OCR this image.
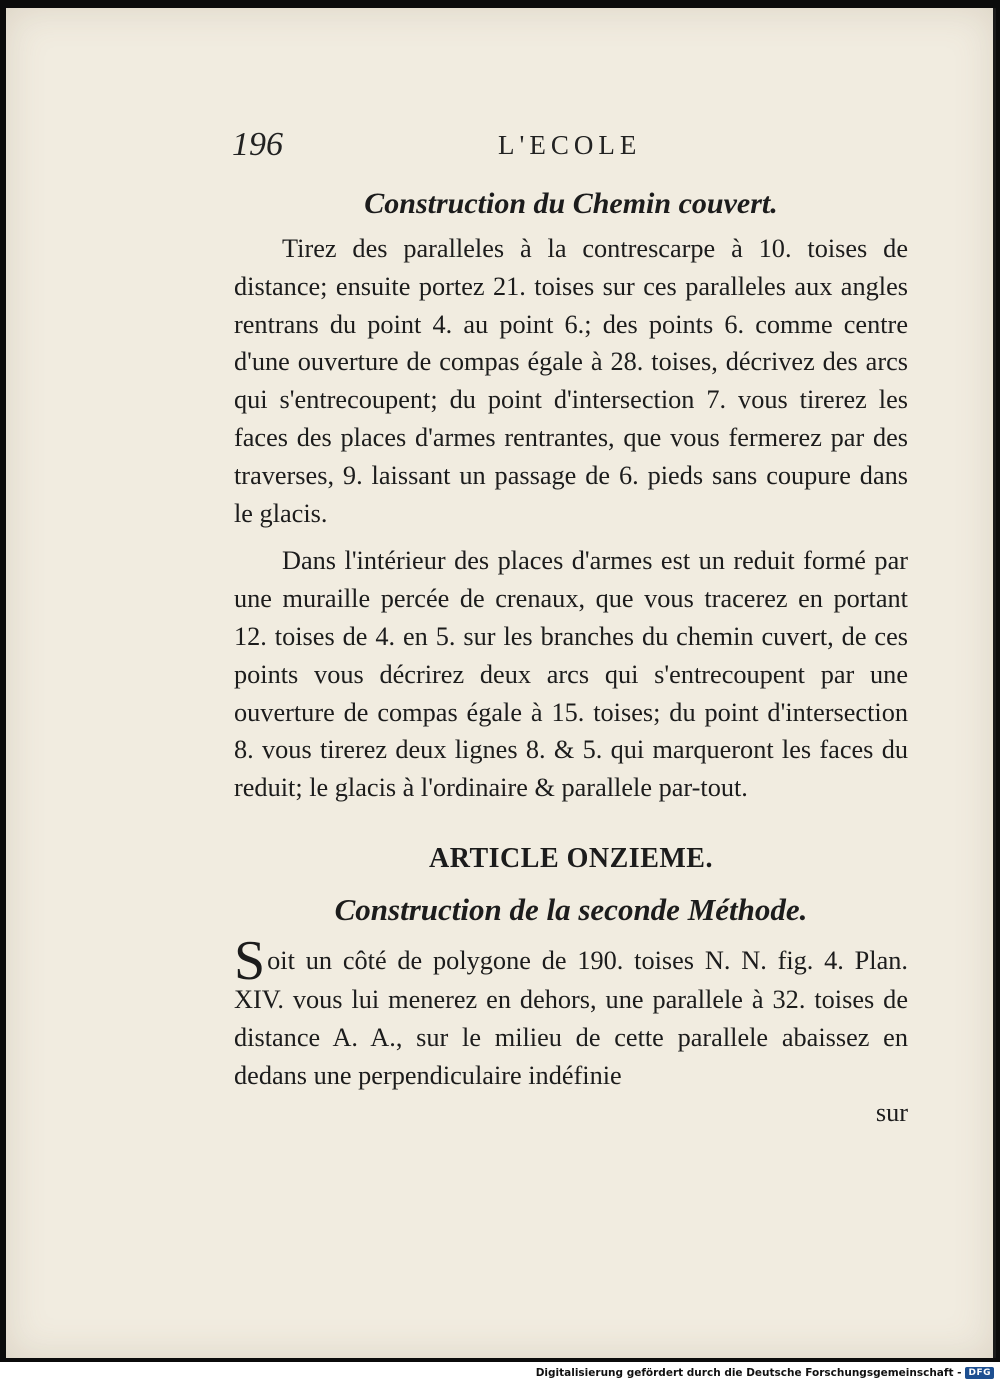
196	L'ECOLE
Construction du Chemin couvert.

Tirez des paralleles à la contrescarpe à 10. toises de distance; ensuite portez 21. toises sur ces paralleles aux angles rentrans du point 4. au point 6.; des points 6. comme centre d'une ouverture de compas égale à 28. toises, décrivez des arcs qui s'entrecoupent; du point d'intersection 7. vous tirerez les faces des places d'armes rentrantes, que vous fermerez par des traverses, 9. laissant un passage de 6. pieds sans coupure dans le glacis.

Dans l'intérieur des places d'armes est un reduit formé par une muraille percée de crenaux, que vous tracerez en portant 12. toises de 4. en 5. sur les branches du chemin cuvert, de ces points vous décrirez deux arcs qui s'entrecoupent par une ouverture de compas égale à 15. toises; du point d'intersection 8. vous tirerez deux lignes 8. & 5. qui marqueront les faces du reduit; le glacis à l'ordinaire & parallele par-tout.

ARTICLE ONZIEME.
Construction de la seconde Méthode.

Soit un côté de polygone de 190. toises N. N. fig. 4. Plan. XIV. vous lui menerez en dehors, une parallele à 32. toises de distance A. A., sur le milieu de cette parallele abaissez en dedans une perpendiculaire indéfinie

sur

Digitalisierung gefördert durch die Deutsche Forschungsgemeinschaft - DFG
